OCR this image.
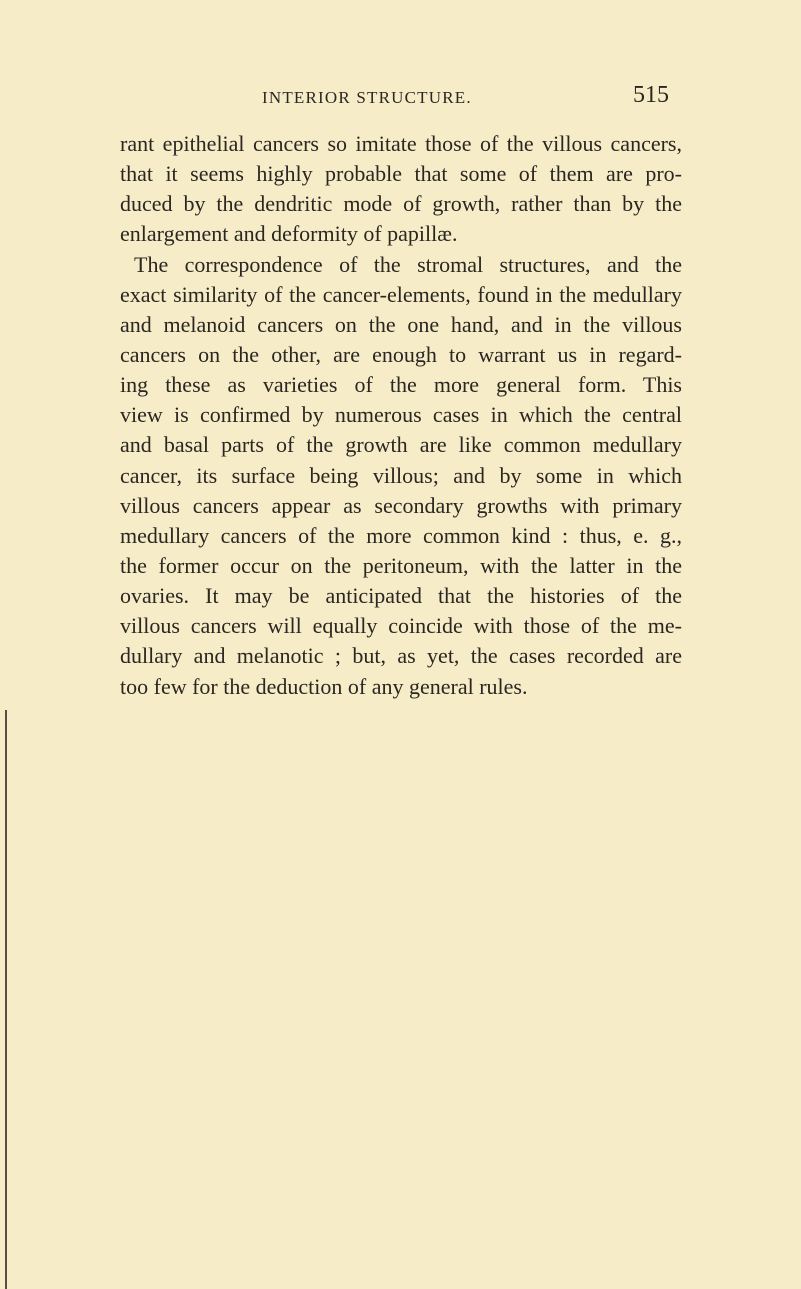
INTERIOR STRUCTURE.	515
rant epithelial cancers so imitate those of the villous cancers,
that it seems highly probable that some of them are pro-
duced by the dendritic mode of growth, rather than by the
enlargement and deformity of papillæ.
The correspondence of the stromal structures, and the
exact similarity of the cancer-elements, found in the medullary
and melanoid cancers on the one hand, and in the villous
cancers on the other, are enough to warrant us in regard-
ing these as varieties of the more general form. This
view is confirmed by numerous cases in which the central
and basal parts of the growth are like common medullary
cancer, its surface being villous; and by some in which
villous cancers appear as secondary growths with primary
medullary cancers of the more common kind : thus, e. g.,
the former occur on the peritoneum, with the latter in the
ovaries. It may be anticipated that the histories of the
villous cancers will equally coincide with those of the me-
dullary and melanotic ; but, as yet, the cases recorded are
too few for the deduction of any general rules.
